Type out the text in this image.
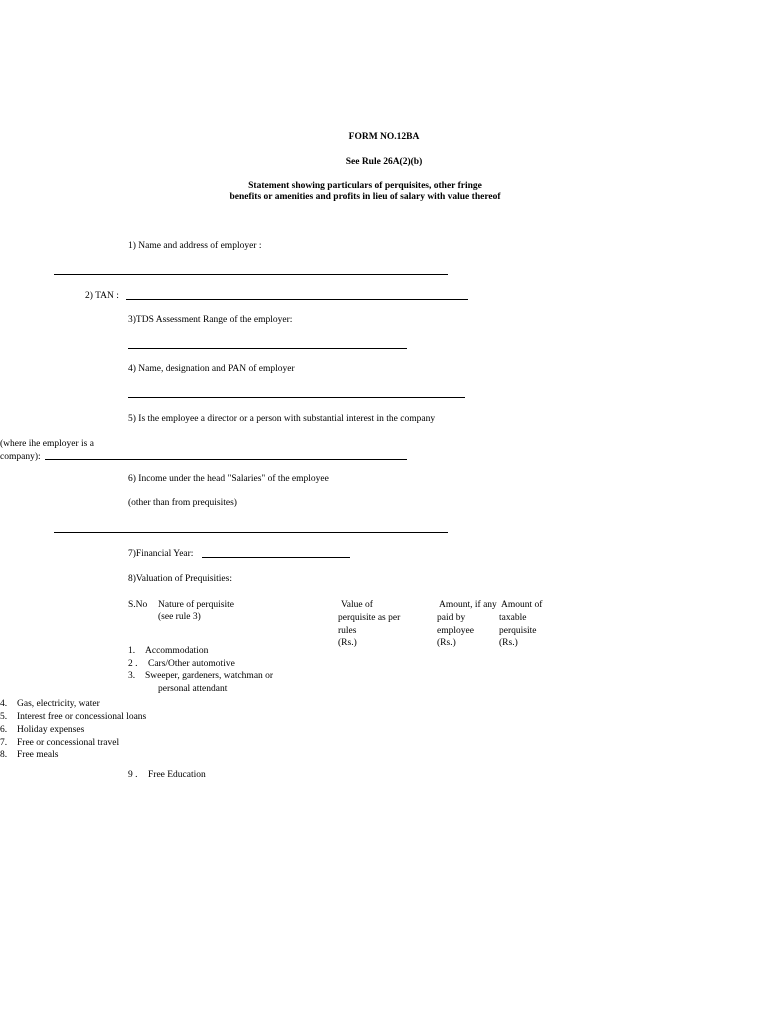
FORM NO.12BA
See Rule 26A(2)(b)
Statement showing particulars of perquisites, other fringe
benefits or amenities and profits in lieu of salary with value thereof
1) Name and address of employer :
2) TAN :
3)TDS Assessment Range of the employer:
4) Name, designation and PAN of employer
5) Is the employee a director or a person with substantial interest in the company
(where ihe employer is a
company):
6) Income under the head "Salaries" of the employee
(other than from prequisites)
7)Financial Year:
8)Valuation of Prequisities:
S.No Nature of perquisite
(see rule 3)
Value of
perquisite as per
rules
(Rs.)
Amount, if any
paid by
employee
(Rs.)
Amount of
taxable
perquisite
(Rs.)
1. Accommodation
2 . Cars/Other automotive
3. Sweeper, gardeners, watchman or
personal attendant
4. Gas, electricity, water
5. Interest free or concessional loans
6. Holiday expenses
7. Free or concessional travel
8. Free meals
9 . Free Education
